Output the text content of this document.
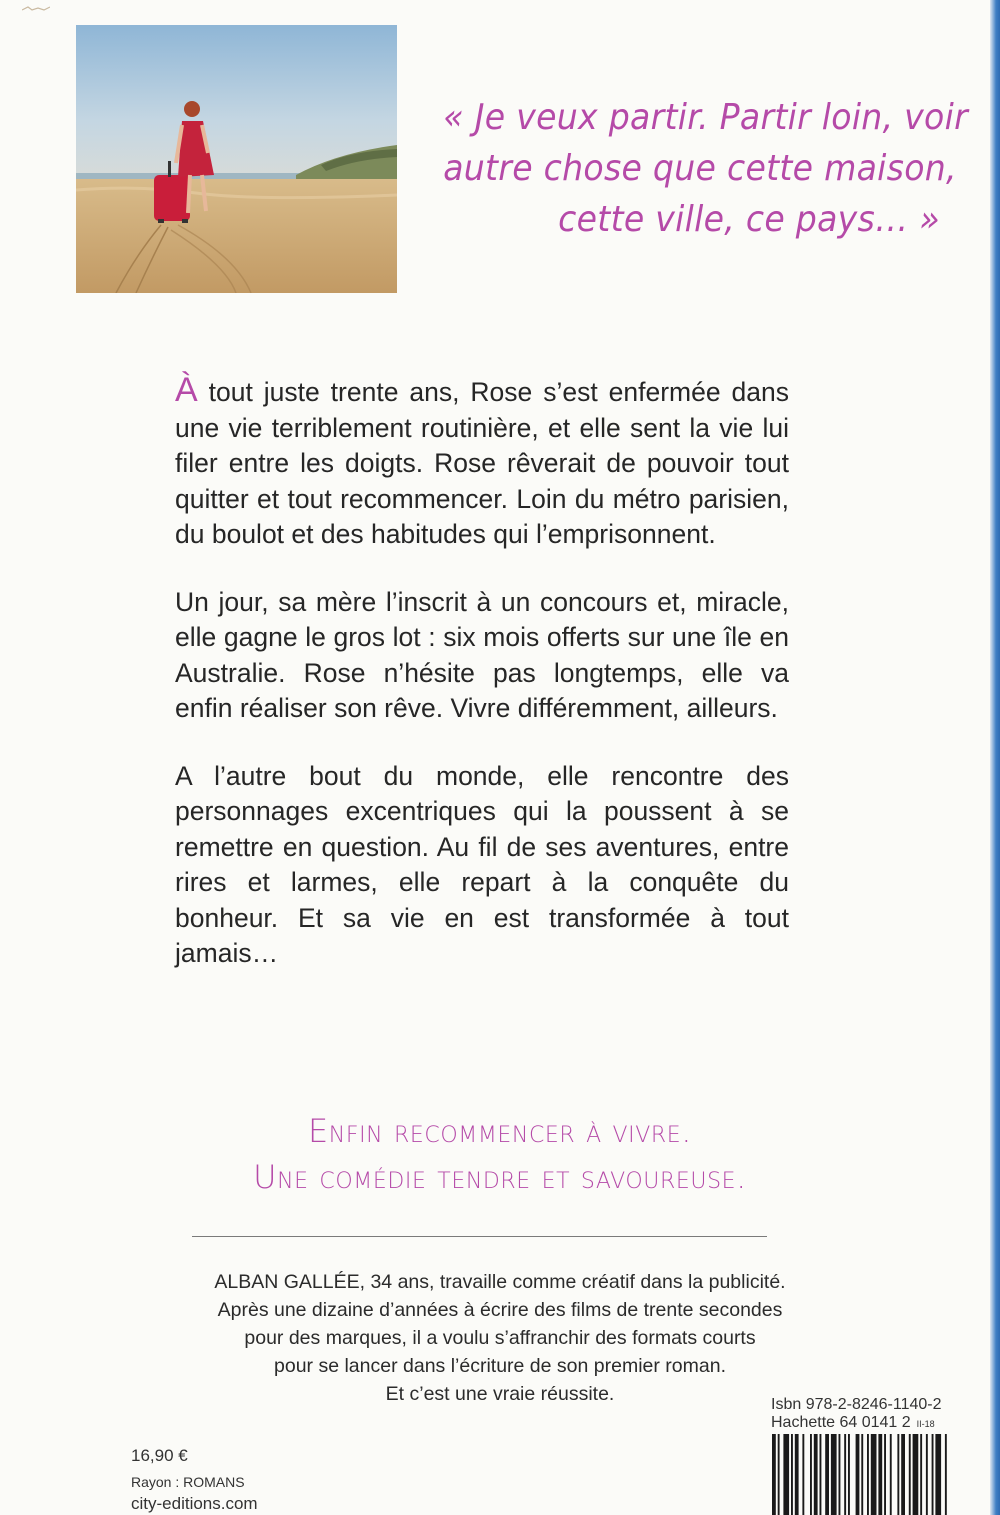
« Je veux partir. Partir loin, voir
autre chose que cette maison,
cette ville, ce pays… »

À tout juste trente ans, Rose s’est enfermée dans une vie terriblement routinière, et elle sent la vie lui filer entre les doigts. Rose rêverait de pouvoir tout quitter et tout recommencer. Loin du métro parisien, du boulot et des habitudes qui l’emprisonnent.

Un jour, sa mère l’inscrit à un concours et, miracle, elle gagne le gros lot : six mois offerts sur une île en Australie. Rose n’hésite pas longtemps, elle va enfin réaliser son rêve. Vivre différemment, ailleurs.

A l’autre bout du monde, elle rencontre des personnages excentriques qui la poussent à se remettre en question. Au fil de ses aventures, entre rires et larmes, elle repart à la conquête du bonheur. Et sa vie en est transformée à tout jamais…

Enfin recommencer à vivre.
Une comédie tendre et savoureuse.
ALBAN GALLÉE, 34 ans, travaille comme créatif dans la publicité.
Après une dizaine d’années à écrire des films de trente secondes
pour des marques, il a voulu s’affranchir des formats courts
pour se lancer dans l’écriture de son premier roman.
Et c’est une vraie réussite.	Isbn 978-2-8246-1140-2
Hachette 64 0141 2 II-18
16,90 €
Rayon : ROMANS
city-editions.com
